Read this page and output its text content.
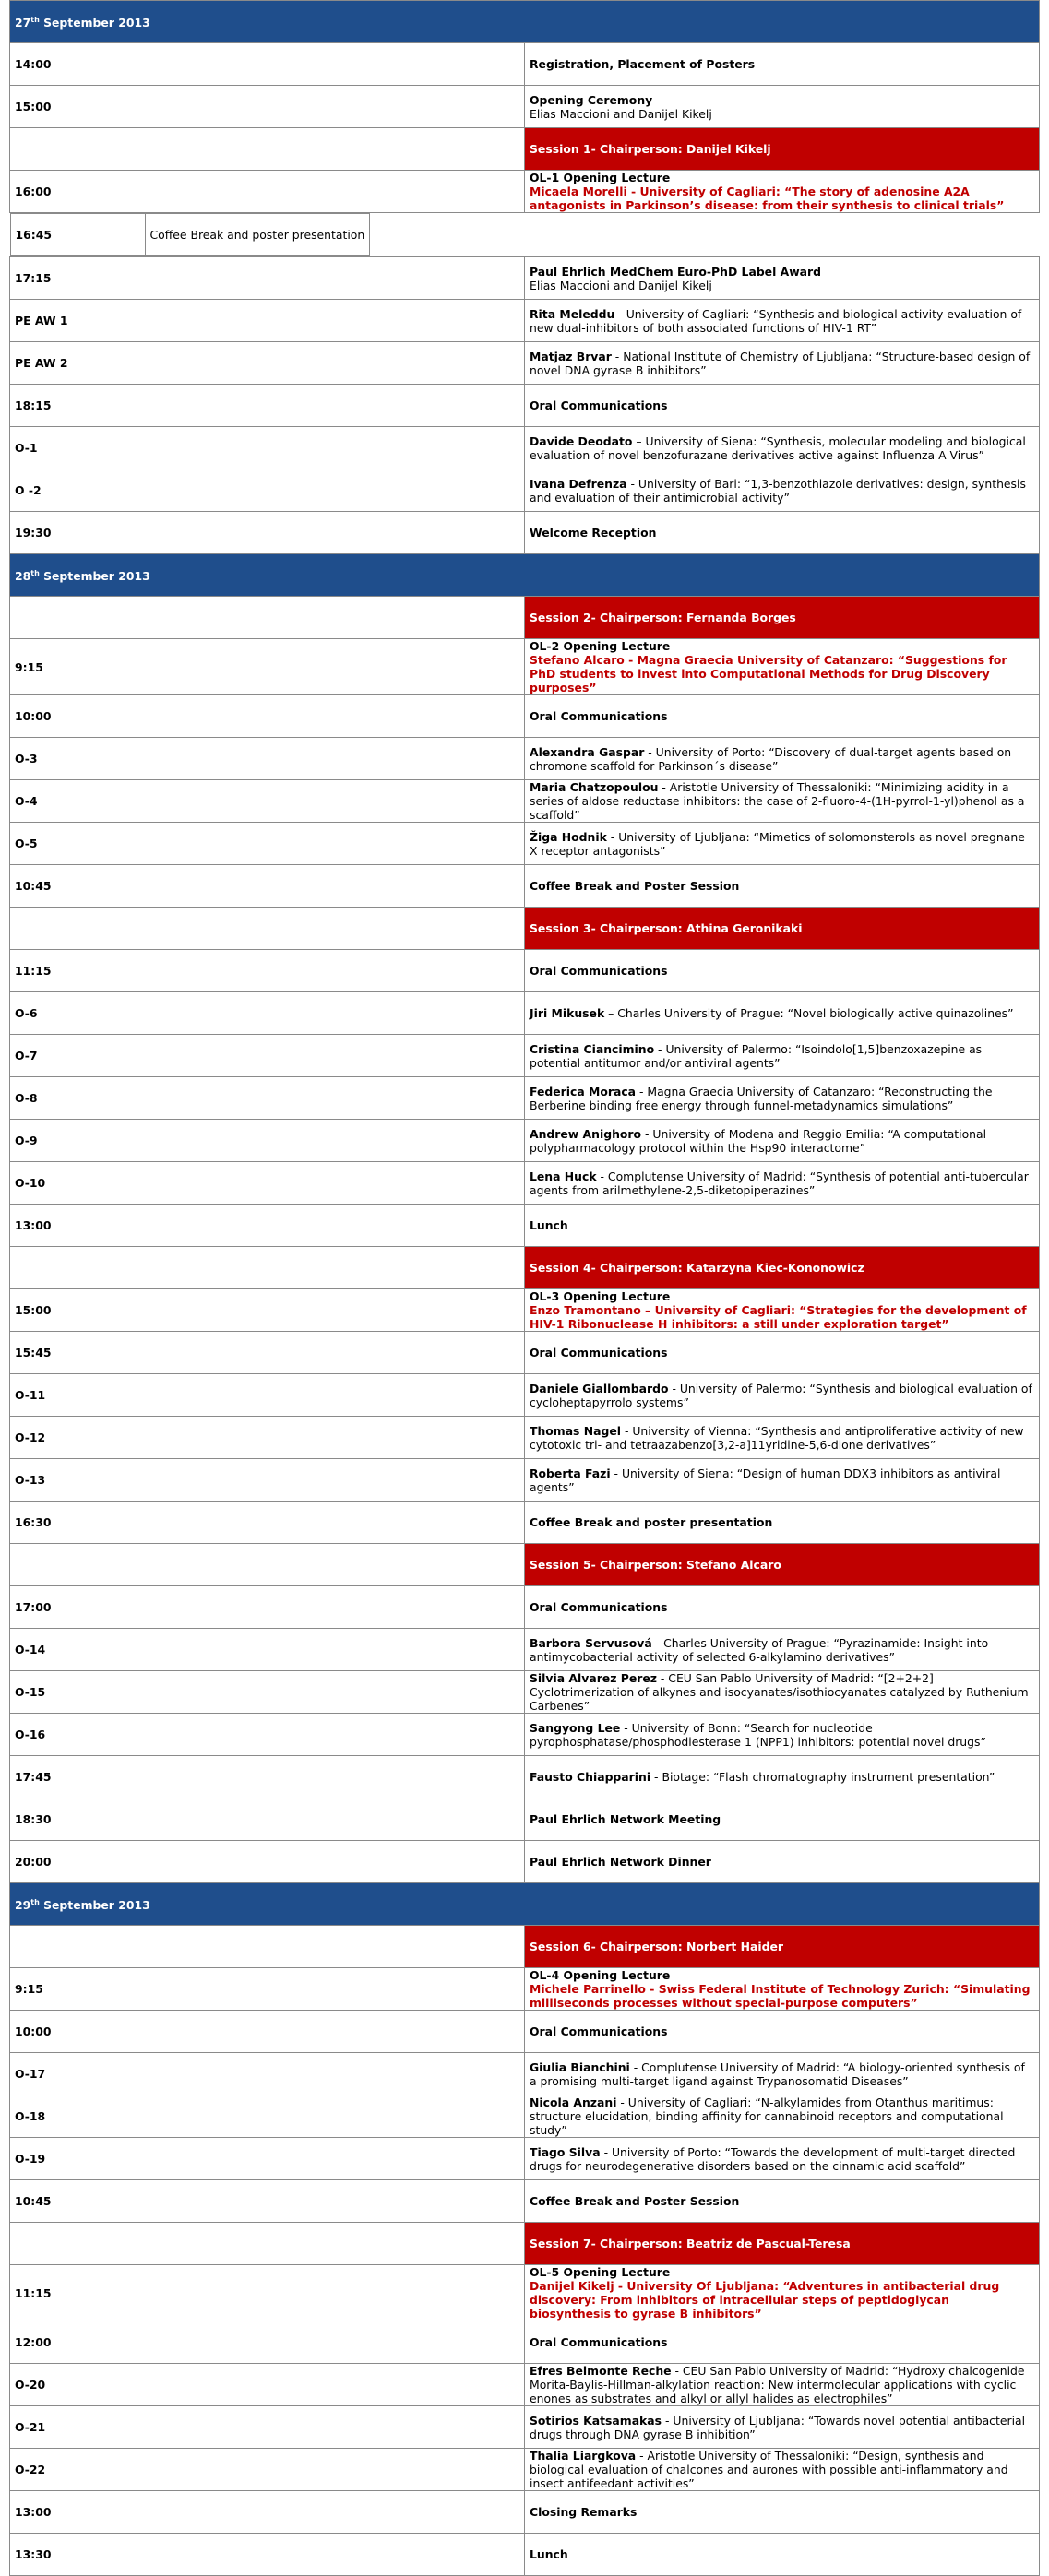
27th September 2013
14:00	Registration, Placement of Posters
15:00	Opening Ceremony
Elias Maccioni and Danijel Kikelj

	Session 1- Chairperson: Danijel Kikelj
16:00	OL-1 Opening Lecture
Micaela Morelli - University of Cagliari: “The story of adenosine A2A antagonists in Parkinson’s disease: from their synthesis to clinical trials”

16:45	Coffee Break and poster presentation
17:15	Paul Ehrlich MedChem Euro-PhD Label Award
Elias Maccioni and Danijel Kikelj

PE AW 1	Rita Meleddu - University of Cagliari: “Synthesis and biological activity evaluation of new dual-inhibitors of both associated functions of HIV-1 RT”
PE AW 2	Matjaz Brvar - National Institute of Chemistry of Ljubljana: “Structure-based design of novel DNA gyrase B inhibitors”
18:15	Oral Communications
O-1	Davide Deodato – University of Siena: “Synthesis, molecular modeling and biological evaluation of novel benzofurazane derivatives active against Influenza A Virus”
O -2	Ivana Defrenza - University of Bari: “1,3-benzothiazole derivatives: design, synthesis and evaluation of their antimicrobial activity”
19:30	Welcome Reception
28th September 2013
	Session 2- Chairperson: Fernanda Borges
9:15	OL-2 Opening Lecture
Stefano Alcaro - Magna Graecia University of Catanzaro: “Suggestions for PhD students to invest into Computational Methods for Drug Discovery purposes”
10:00	Oral Communications
O-3	Alexandra Gaspar - University of Porto: “Discovery of dual-target agents based on chromone scaffold for Parkinson´s disease”
O-4	Maria Chatzopoulou - Aristotle University of Thessaloniki: “Minimizing acidity in a series of aldose reductase inhibitors: the case of 2-fluoro-4-(1H-pyrrol-1-yl)phenol as a scaffold”
O-5	Žiga Hodnik - University of Ljubljana: “Mimetics of solomonsterols as novel pregnane X receptor antagonists”
10:45	Coffee Break and Poster Session
	Session 3- Chairperson: Athina Geronikaki
11:15	Oral Communications
O-6	Jiri Mikusek – Charles University of Prague: “Novel biologically active quinazolines”
O-7	Cristina Ciancimino - University of Palermo: “Isoindolo[1,5]benzoxazepine as potential antitumor and/or antiviral agents”
O-8	Federica Moraca - Magna Graecia University of Catanzaro: “Reconstructing the Berberine binding free energy through funnel-metadynamics simulations”
O-9	Andrew Anighoro - University of Modena and Reggio Emilia: “A computational polypharmacology protocol within the Hsp90 interactome”
O-10	Lena Huck - Complutense University of Madrid: “Synthesis of potential anti-tubercular agents from arilmethylene-2,5-diketopiperazines”
13:00	Lunch
	Session 4- Chairperson: Katarzyna Kiec-Kononowicz
15:00	OL-3 Opening Lecture
Enzo Tramontano – University of Cagliari: “Strategies for the development of HIV-1 Ribonuclease H inhibitors: a still under exploration target”
15:45	Oral Communications
O-11	Daniele Giallombardo - University of Palermo: “Synthesis and biological evaluation of cycloheptapyrrolo systems”
O-12	Thomas Nagel - University of Vienna: “Synthesis and antiproliferative activity of new cytotoxic tri- and tetraazabenzo[3,2-a]11yridine-5,6-dione derivatives”
O-13	Roberta Fazi - University of Siena: “Design of human DDX3 inhibitors as antiviral agents”
16:30	Coffee Break and poster presentation
	Session 5- Chairperson: Stefano Alcaro
17:00	Oral Communications
O-14	Barbora Servusová - Charles University of Prague: “Pyrazinamide: Insight into antimycobacterial activity of selected 6-alkylamino derivatives”
O-15	Silvia Alvarez Perez - CEU San Pablo University of Madrid: “[2+2+2] Cyclotrimerization of alkynes and isocyanates/isothiocyanates catalyzed by Ruthenium Carbenes”
O-16	Sangyong Lee - University of Bonn: “Search for nucleotide pyrophosphatase/phosphodiesterase 1 (NPP1) inhibitors: potential novel drugs”
17:45	Fausto Chiapparini - Biotage: “Flash chromatography instrument presentation”
18:30	Paul Ehrlich Network Meeting
20:00	Paul Ehrlich Network Dinner
29th September 2013
	Session 6- Chairperson: Norbert Haider
9:15	OL-4 Opening Lecture
Michele Parrinello - Swiss Federal Institute of Technology Zurich: “Simulating milliseconds processes without special-purpose computers”
10:00	Oral Communications
O-17	Giulia Bianchini - Complutense University of Madrid: “A biology-oriented synthesis of a promising multi-target ligand against Trypanosomatid Diseases”
O-18	Nicola Anzani - University of Cagliari: “N-alkylamides from Otanthus maritimus: structure elucidation, binding affinity for cannabinoid receptors and computational study”
O-19	Tiago Silva - University of Porto: “Towards the development of multi-target directed drugs for neurodegenerative disorders based on the cinnamic acid scaffold”
10:45	Coffee Break and Poster Session
	Session 7- Chairperson: Beatriz de Pascual-Teresa
11:15	OL-5 Opening Lecture
Danijel Kikelj - University Of Ljubljana: “Adventures in antibacterial drug discovery: From inhibitors of intracellular steps of peptidoglycan biosynthesis to gyrase B inhibitors”
12:00	Oral Communications
O-20	Efres Belmonte Reche - CEU San Pablo University of Madrid: “Hydroxy chalcogenide Morita-Baylis-Hillman-alkylation reaction: New intermolecular applications with cyclic enones as substrates and alkyl or allyl halides as electrophiles”
O-21	Sotirios Katsamakas - University of Ljubljana: “Towards novel potential antibacterial drugs through DNA gyrase B inhibition”
O-22	Thalia Liargkova - Aristotle University of Thessaloniki: “Design, synthesis and biological evaluation of chalcones and aurones with possible anti-inflammatory and insect antifeedant activities”
13:00	Closing Remarks
13:30	Lunch
